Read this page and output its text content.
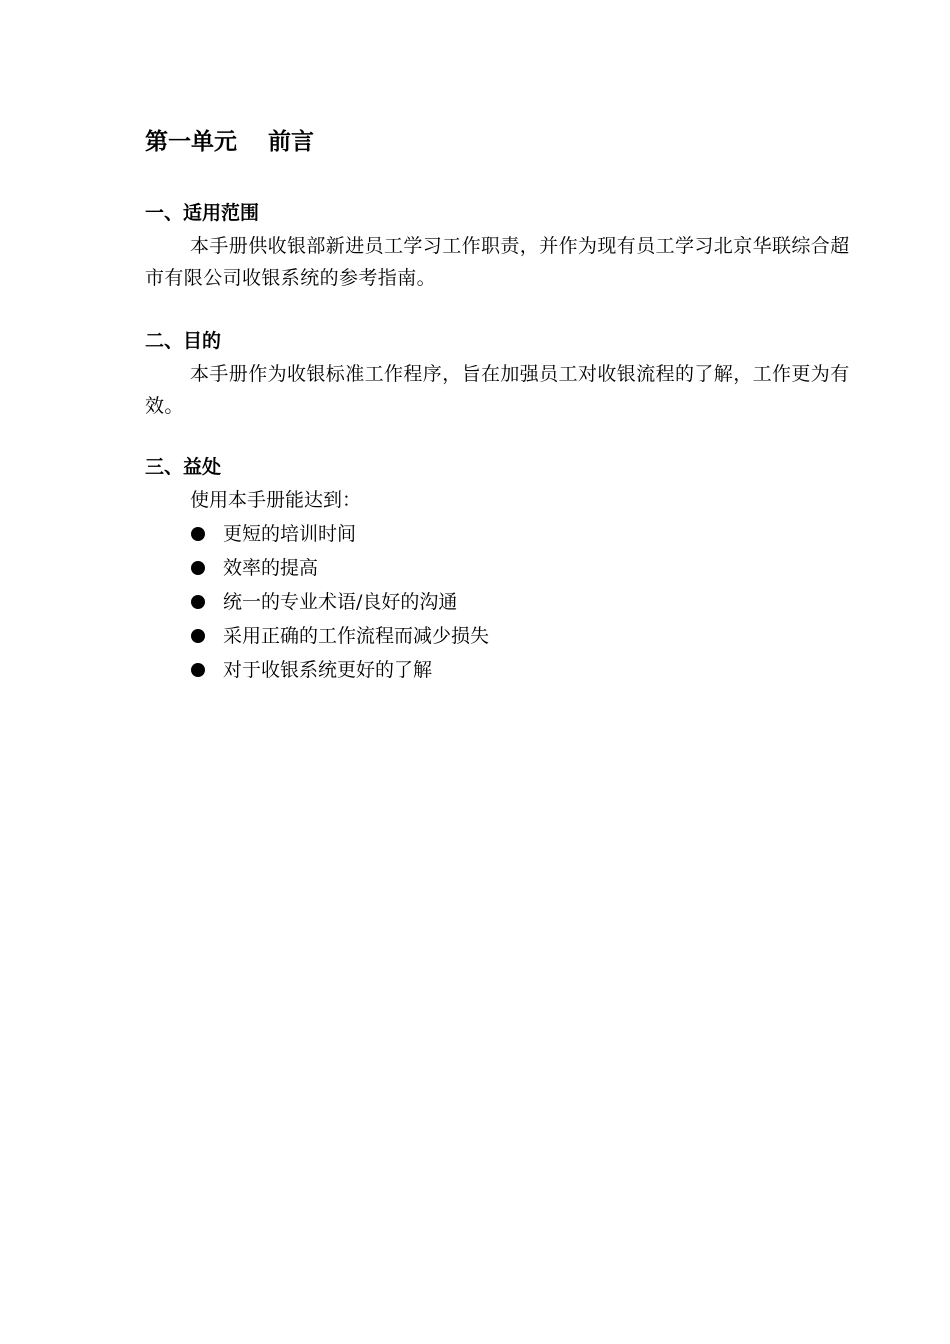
第一单元　 前言
一、适用范围

本手册供收银部新进员工学习工作职责，并作为现有员工学习北京华联综合超市有限公司收银系统的参考指南。

二、目的

本手册作为收银标准工作程序，旨在加强员工对收银流程的了解，工作更为有效。

三、益处

使用本手册能达到：

更短的培训时间
效率的提高
统一的专业术语/良好的沟通
采用正确的工作流程而减少损失
对于收银系统更好的了解
